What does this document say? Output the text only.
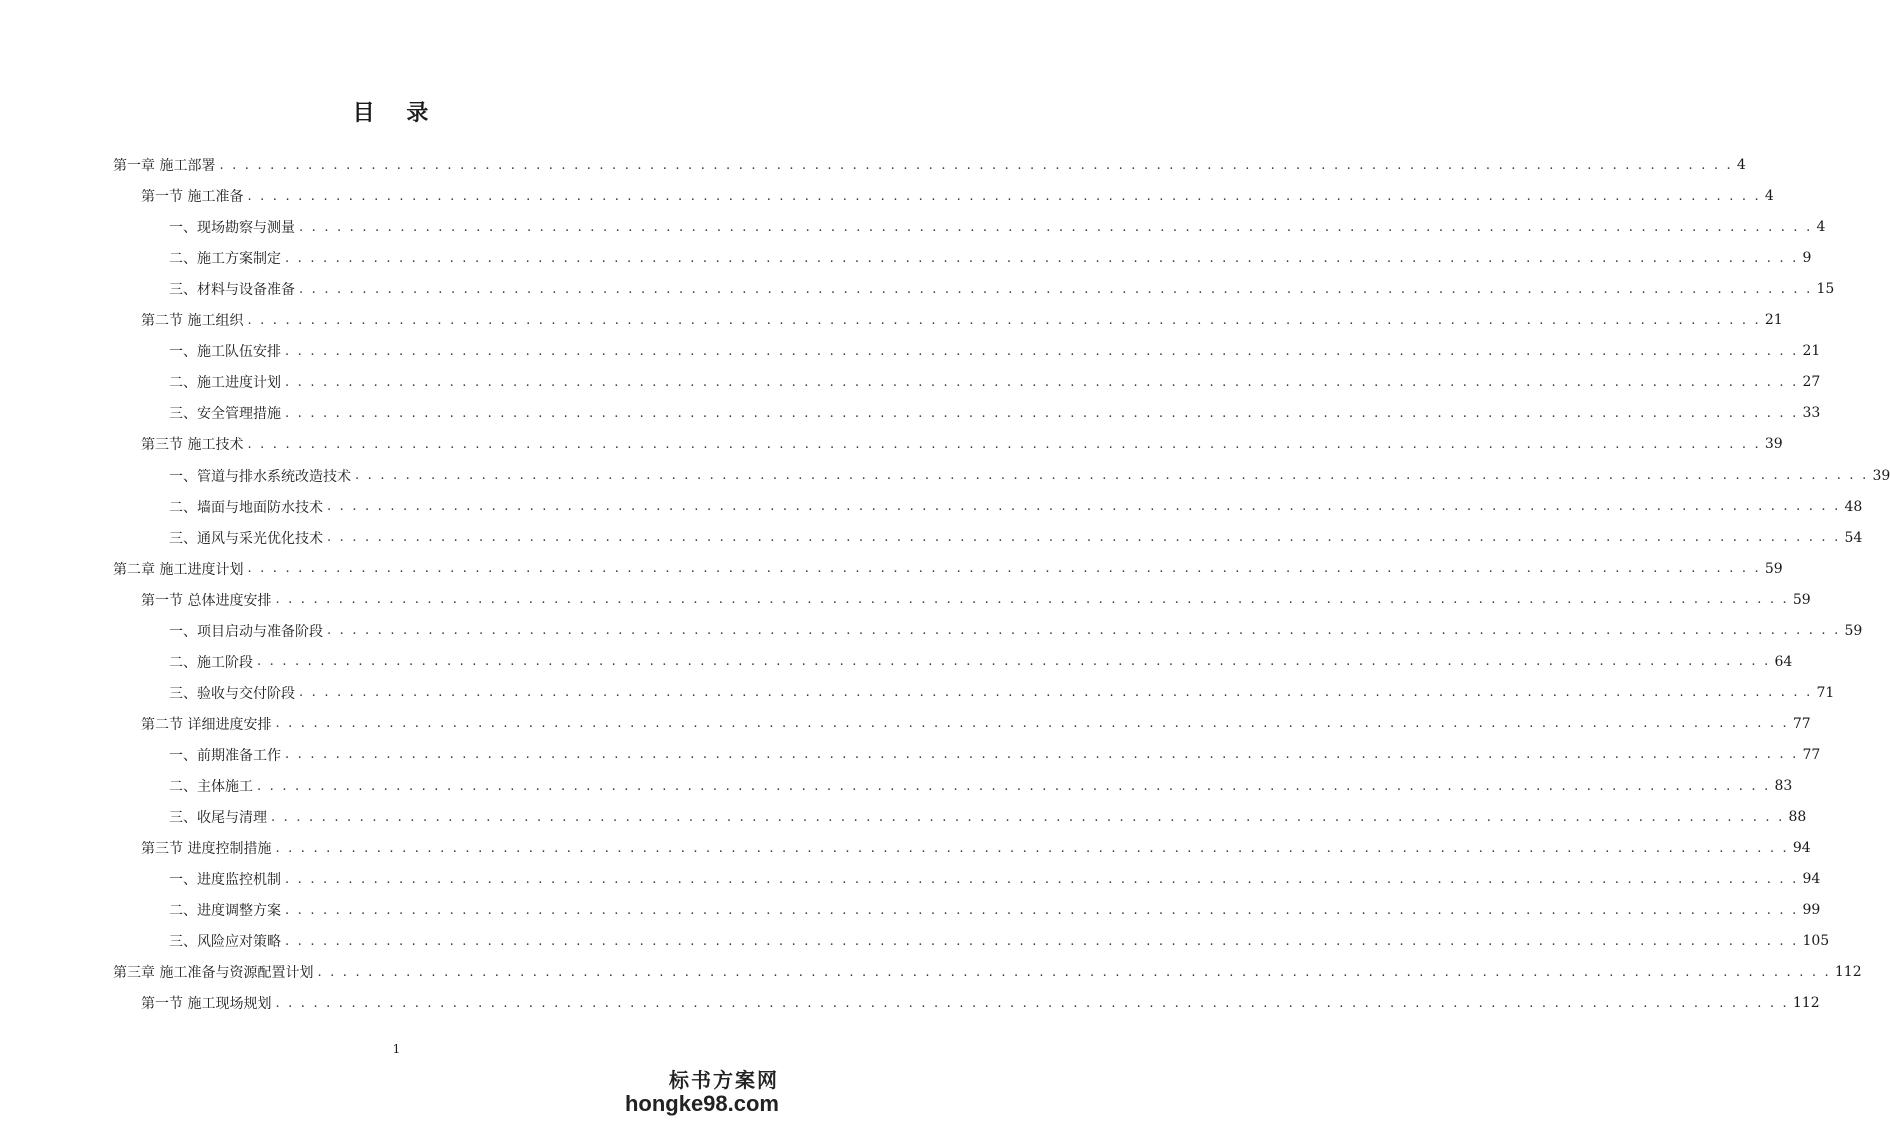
目 录
第一章 施工部署 . . . . . . . . . . . . . . . . . . . . . . . . . . . . . . . . . . . . . . . . . . . . . . . . . . . . . . . . . . . . . . . . . . . . . . . . . . . . . . . . . . . . . . . . . . . . . . . . . . . . . . . . . . . . . . . . . . . . . . . . 4
第一节 施工准备 . . . . . . . . . . . . . . . . . . . . . . . . . . . . . . . . . . . . . . . . . . . . . . . . . . . . . . . . . . . . . . . . . . . . . . . . . . . . . . . . . . . . . . . . . . . . . . . . . . . . . . . . . . . . . . . . . . . . . . . . 4
一、现场勘察与测量 . . . . . . . . . . . . . . . . . . . . . . . . . . . . . . . . . . . . . . . . . . . . . . . . . . . . . . . . . . . . . . . . . . . . . . . . . . . . . . . . . . . . . . . . . . . . . . . . . . . . . . . . . . . . . . . . . . . . . . . . 4
二、施工方案制定 . . . . . . . . . . . . . . . . . . . . . . . . . . . . . . . . . . . . . . . . . . . . . . . . . . . . . . . . . . . . . . . . . . . . . . . . . . . . . . . . . . . . . . . . . . . . . . . . . . . . . . . . . . . . . . . . . . . . . . . . 9
三、材料与设备准备 . . . . . . . . . . . . . . . . . . . . . . . . . . . . . . . . . . . . . . . . . . . . . . . . . . . . . . . . . . . . . . . . . . . . . . . . . . . . . . . . . . . . . . . . . . . . . . . . . . . . . . . . . . . . . . . . . . . . . . . . 15
第二节 施工组织 . . . . . . . . . . . . . . . . . . . . . . . . . . . . . . . . . . . . . . . . . . . . . . . . . . . . . . . . . . . . . . . . . . . . . . . . . . . . . . . . . . . . . . . . . . . . . . . . . . . . . . . . . . . . . . . . . . . . . . . . 21
一、施工队伍安排 . . . . . . . . . . . . . . . . . . . . . . . . . . . . . . . . . . . . . . . . . . . . . . . . . . . . . . . . . . . . . . . . . . . . . . . . . . . . . . . . . . . . . . . . . . . . . . . . . . . . . . . . . . . . . . . . . . . . . . . . 21
二、施工进度计划 . . . . . . . . . . . . . . . . . . . . . . . . . . . . . . . . . . . . . . . . . . . . . . . . . . . . . . . . . . . . . . . . . . . . . . . . . . . . . . . . . . . . . . . . . . . . . . . . . . . . . . . . . . . . . . . . . . . . . . . . 27
三、安全管理措施 . . . . . . . . . . . . . . . . . . . . . . . . . . . . . . . . . . . . . . . . . . . . . . . . . . . . . . . . . . . . . . . . . . . . . . . . . . . . . . . . . . . . . . . . . . . . . . . . . . . . . . . . . . . . . . . . . . . . . . . . 33
第三节 施工技术 . . . . . . . . . . . . . . . . . . . . . . . . . . . . . . . . . . . . . . . . . . . . . . . . . . . . . . . . . . . . . . . . . . . . . . . . . . . . . . . . . . . . . . . . . . . . . . . . . . . . . . . . . . . . . . . . . . . . . . . . 39
一、管道与排水系统改造技术 . . . . . . . . . . . . . . . . . . . . . . . . . . . . . . . . . . . . . . . . . . . . . . . . . . . . . . . . . . . . . . . . . . . . . . . . . . . . . . . . . . . . . . . . . . . . . . . . . . . . . . . . . . . . . . . . . . . . . . . . 39
二、墙面与地面防水技术 . . . . . . . . . . . . . . . . . . . . . . . . . . . . . . . . . . . . . . . . . . . . . . . . . . . . . . . . . . . . . . . . . . . . . . . . . . . . . . . . . . . . . . . . . . . . . . . . . . . . . . . . . . . . . . . . . . . . . . . . 48
三、通风与采光优化技术 . . . . . . . . . . . . . . . . . . . . . . . . . . . . . . . . . . . . . . . . . . . . . . . . . . . . . . . . . . . . . . . . . . . . . . . . . . . . . . . . . . . . . . . . . . . . . . . . . . . . . . . . . . . . . . . . . . . . . . . . 54
第二章 施工进度计划 . . . . . . . . . . . . . . . . . . . . . . . . . . . . . . . . . . . . . . . . . . . . . . . . . . . . . . . . . . . . . . . . . . . . . . . . . . . . . . . . . . . . . . . . . . . . . . . . . . . . . . . . . . . . . . . . . . . . . . . . 59
第一节 总体进度安排 . . . . . . . . . . . . . . . . . . . . . . . . . . . . . . . . . . . . . . . . . . . . . . . . . . . . . . . . . . . . . . . . . . . . . . . . . . . . . . . . . . . . . . . . . . . . . . . . . . . . . . . . . . . . . . . . . . . . . . . . 59
一、项目启动与准备阶段 . . . . . . . . . . . . . . . . . . . . . . . . . . . . . . . . . . . . . . . . . . . . . . . . . . . . . . . . . . . . . . . . . . . . . . . . . . . . . . . . . . . . . . . . . . . . . . . . . . . . . . . . . . . . . . . . . . . . . . . . 59
二、施工阶段 . . . . . . . . . . . . . . . . . . . . . . . . . . . . . . . . . . . . . . . . . . . . . . . . . . . . . . . . . . . . . . . . . . . . . . . . . . . . . . . . . . . . . . . . . . . . . . . . . . . . . . . . . . . . . . . . . . . . . . . . 64
三、验收与交付阶段 . . . . . . . . . . . . . . . . . . . . . . . . . . . . . . . . . . . . . . . . . . . . . . . . . . . . . . . . . . . . . . . . . . . . . . . . . . . . . . . . . . . . . . . . . . . . . . . . . . . . . . . . . . . . . . . . . . . . . . . . 71
第二节 详细进度安排 . . . . . . . . . . . . . . . . . . . . . . . . . . . . . . . . . . . . . . . . . . . . . . . . . . . . . . . . . . . . . . . . . . . . . . . . . . . . . . . . . . . . . . . . . . . . . . . . . . . . . . . . . . . . . . . . . . . . . . . . 77
一、前期准备工作 . . . . . . . . . . . . . . . . . . . . . . . . . . . . . . . . . . . . . . . . . . . . . . . . . . . . . . . . . . . . . . . . . . . . . . . . . . . . . . . . . . . . . . . . . . . . . . . . . . . . . . . . . . . . . . . . . . . . . . . . 77
二、主体施工 . . . . . . . . . . . . . . . . . . . . . . . . . . . . . . . . . . . . . . . . . . . . . . . . . . . . . . . . . . . . . . . . . . . . . . . . . . . . . . . . . . . . . . . . . . . . . . . . . . . . . . . . . . . . . . . . . . . . . . . . 83
三、收尾与清理 . . . . . . . . . . . . . . . . . . . . . . . . . . . . . . . . . . . . . . . . . . . . . . . . . . . . . . . . . . . . . . . . . . . . . . . . . . . . . . . . . . . . . . . . . . . . . . . . . . . . . . . . . . . . . . . . . . . . . . . . 88
第三节 进度控制措施 . . . . . . . . . . . . . . . . . . . . . . . . . . . . . . . . . . . . . . . . . . . . . . . . . . . . . . . . . . . . . . . . . . . . . . . . . . . . . . . . . . . . . . . . . . . . . . . . . . . . . . . . . . . . . . . . . . . . . . . . 94
一、进度监控机制 . . . . . . . . . . . . . . . . . . . . . . . . . . . . . . . . . . . . . . . . . . . . . . . . . . . . . . . . . . . . . . . . . . . . . . . . . . . . . . . . . . . . . . . . . . . . . . . . . . . . . . . . . . . . . . . . . . . . . . . . 94
二、进度调整方案 . . . . . . . . . . . . . . . . . . . . . . . . . . . . . . . . . . . . . . . . . . . . . . . . . . . . . . . . . . . . . . . . . . . . . . . . . . . . . . . . . . . . . . . . . . . . . . . . . . . . . . . . . . . . . . . . . . . . . . . . 99
三、风险应对策略 . . . . . . . . . . . . . . . . . . . . . . . . . . . . . . . . . . . . . . . . . . . . . . . . . . . . . . . . . . . . . . . . . . . . . . . . . . . . . . . . . . . . . . . . . . . . . . . . . . . . . . . . . . . . . . . . . . . . . . . . 105
第三章 施工准备与资源配置计划 . . . . . . . . . . . . . . . . . . . . . . . . . . . . . . . . . . . . . . . . . . . . . . . . . . . . . . . . . . . . . . . . . . . . . . . . . . . . . . . . . . . . . . . . . . . . . . . . . . . . . . . . . . . . . . . . . . . . . . . . 112
第一节 施工现场规划 . . . . . . . . . . . . . . . . . . . . . . . . . . . . . . . . . . . . . . . . . . . . . . . . . . . . . . . . . . . . . . . . . . . . . . . . . . . . . . . . . . . . . . . . . . . . . . . . . . . . . . . . . . . . . . . . . . . . . . . . 112
1
标书方案网
hongke98.com
